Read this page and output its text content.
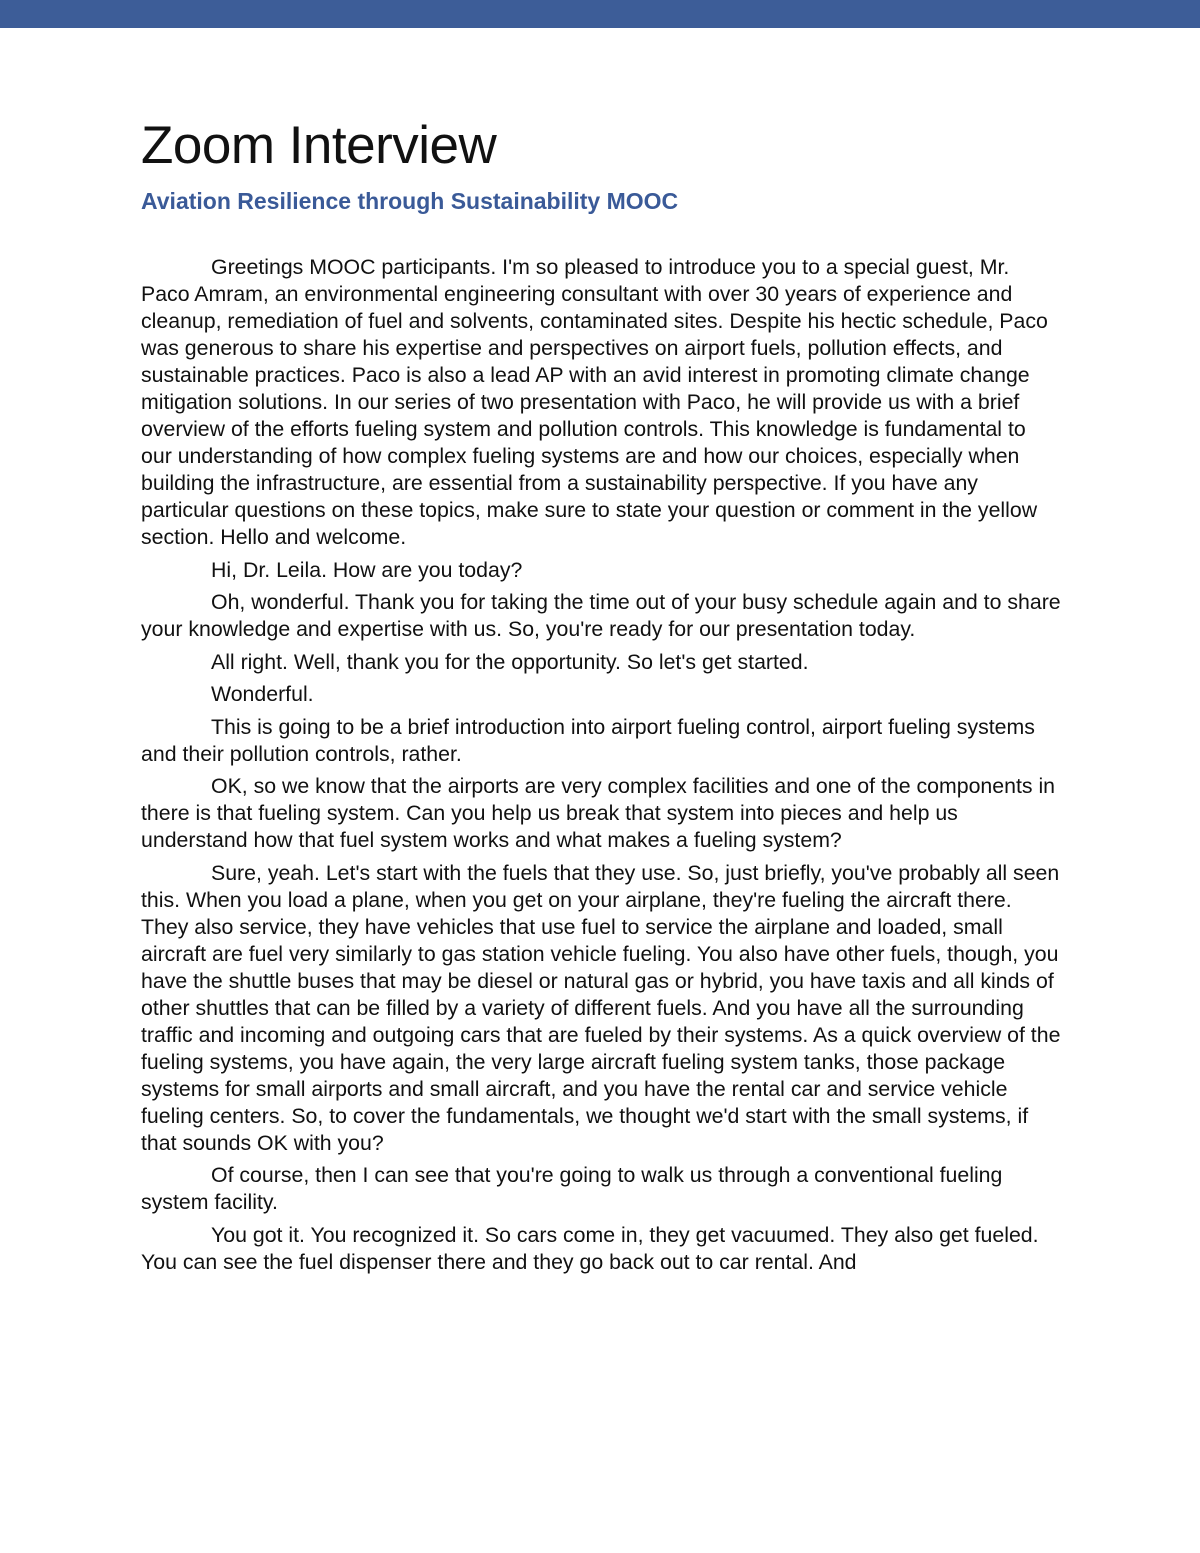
Zoom Interview
Aviation Resilience through Sustainability MOOC

Greetings MOOC participants. I'm so pleased to introduce you to a special guest, Mr. Paco Amram, an environmental engineering consultant with over 30 years of experience and cleanup, remediation of fuel and solvents, contaminated sites. Despite his hectic schedule, Paco was generous to share his expertise and perspectives on airport fuels, pollution effects, and sustainable practices. Paco is also a lead AP with an avid interest in promoting climate change mitigation solutions. In our series of two presentation with Paco, he will provide us with a brief overview of the efforts fueling system and pollution controls. This knowledge is fundamental to our understanding of how complex fueling systems are and how our choices, especially when building the infrastructure, are essential from a sustainability perspective. If you have any particular questions on these topics, make sure to state your question or comment in the yellow section. Hello and welcome.

Hi, Dr. Leila. How are you today?

Oh, wonderful. Thank you for taking the time out of your busy schedule again and to share your knowledge and expertise with us. So, you're ready for our presentation today.

All right. Well, thank you for the opportunity. So let's get started.

Wonderful.

This is going to be a brief introduction into airport fueling control, airport fueling systems and their pollution controls, rather.

OK, so we know that the airports are very complex facilities and one of the components in there is that fueling system. Can you help us break that system into pieces and help us understand how that fuel system works and what makes a fueling system?

Sure, yeah. Let's start with the fuels that they use. So, just briefly, you've probably all seen this. When you load a plane, when you get on your airplane, they're fueling the aircraft there. They also service, they have vehicles that use fuel to service the airplane and loaded, small aircraft are fuel very similarly to gas station vehicle fueling. You also have other fuels, though, you have the shuttle buses that may be diesel or natural gas or hybrid, you have taxis and all kinds of other shuttles that can be filled by a variety of different fuels. And you have all the surrounding traffic and incoming and outgoing cars that are fueled by their systems. As a quick overview of the fueling systems, you have again, the very large aircraft fueling system tanks, those package systems for small airports and small aircraft, and you have the rental car and service vehicle fueling centers. So, to cover the fundamentals, we thought we'd start with the small systems, if that sounds OK with you?

Of course, then I can see that you're going to walk us through a conventional fueling system facility.

You got it. You recognized it. So cars come in, they get vacuumed. They also get fueled. You can see the fuel dispenser there and they go back out to car rental. And
